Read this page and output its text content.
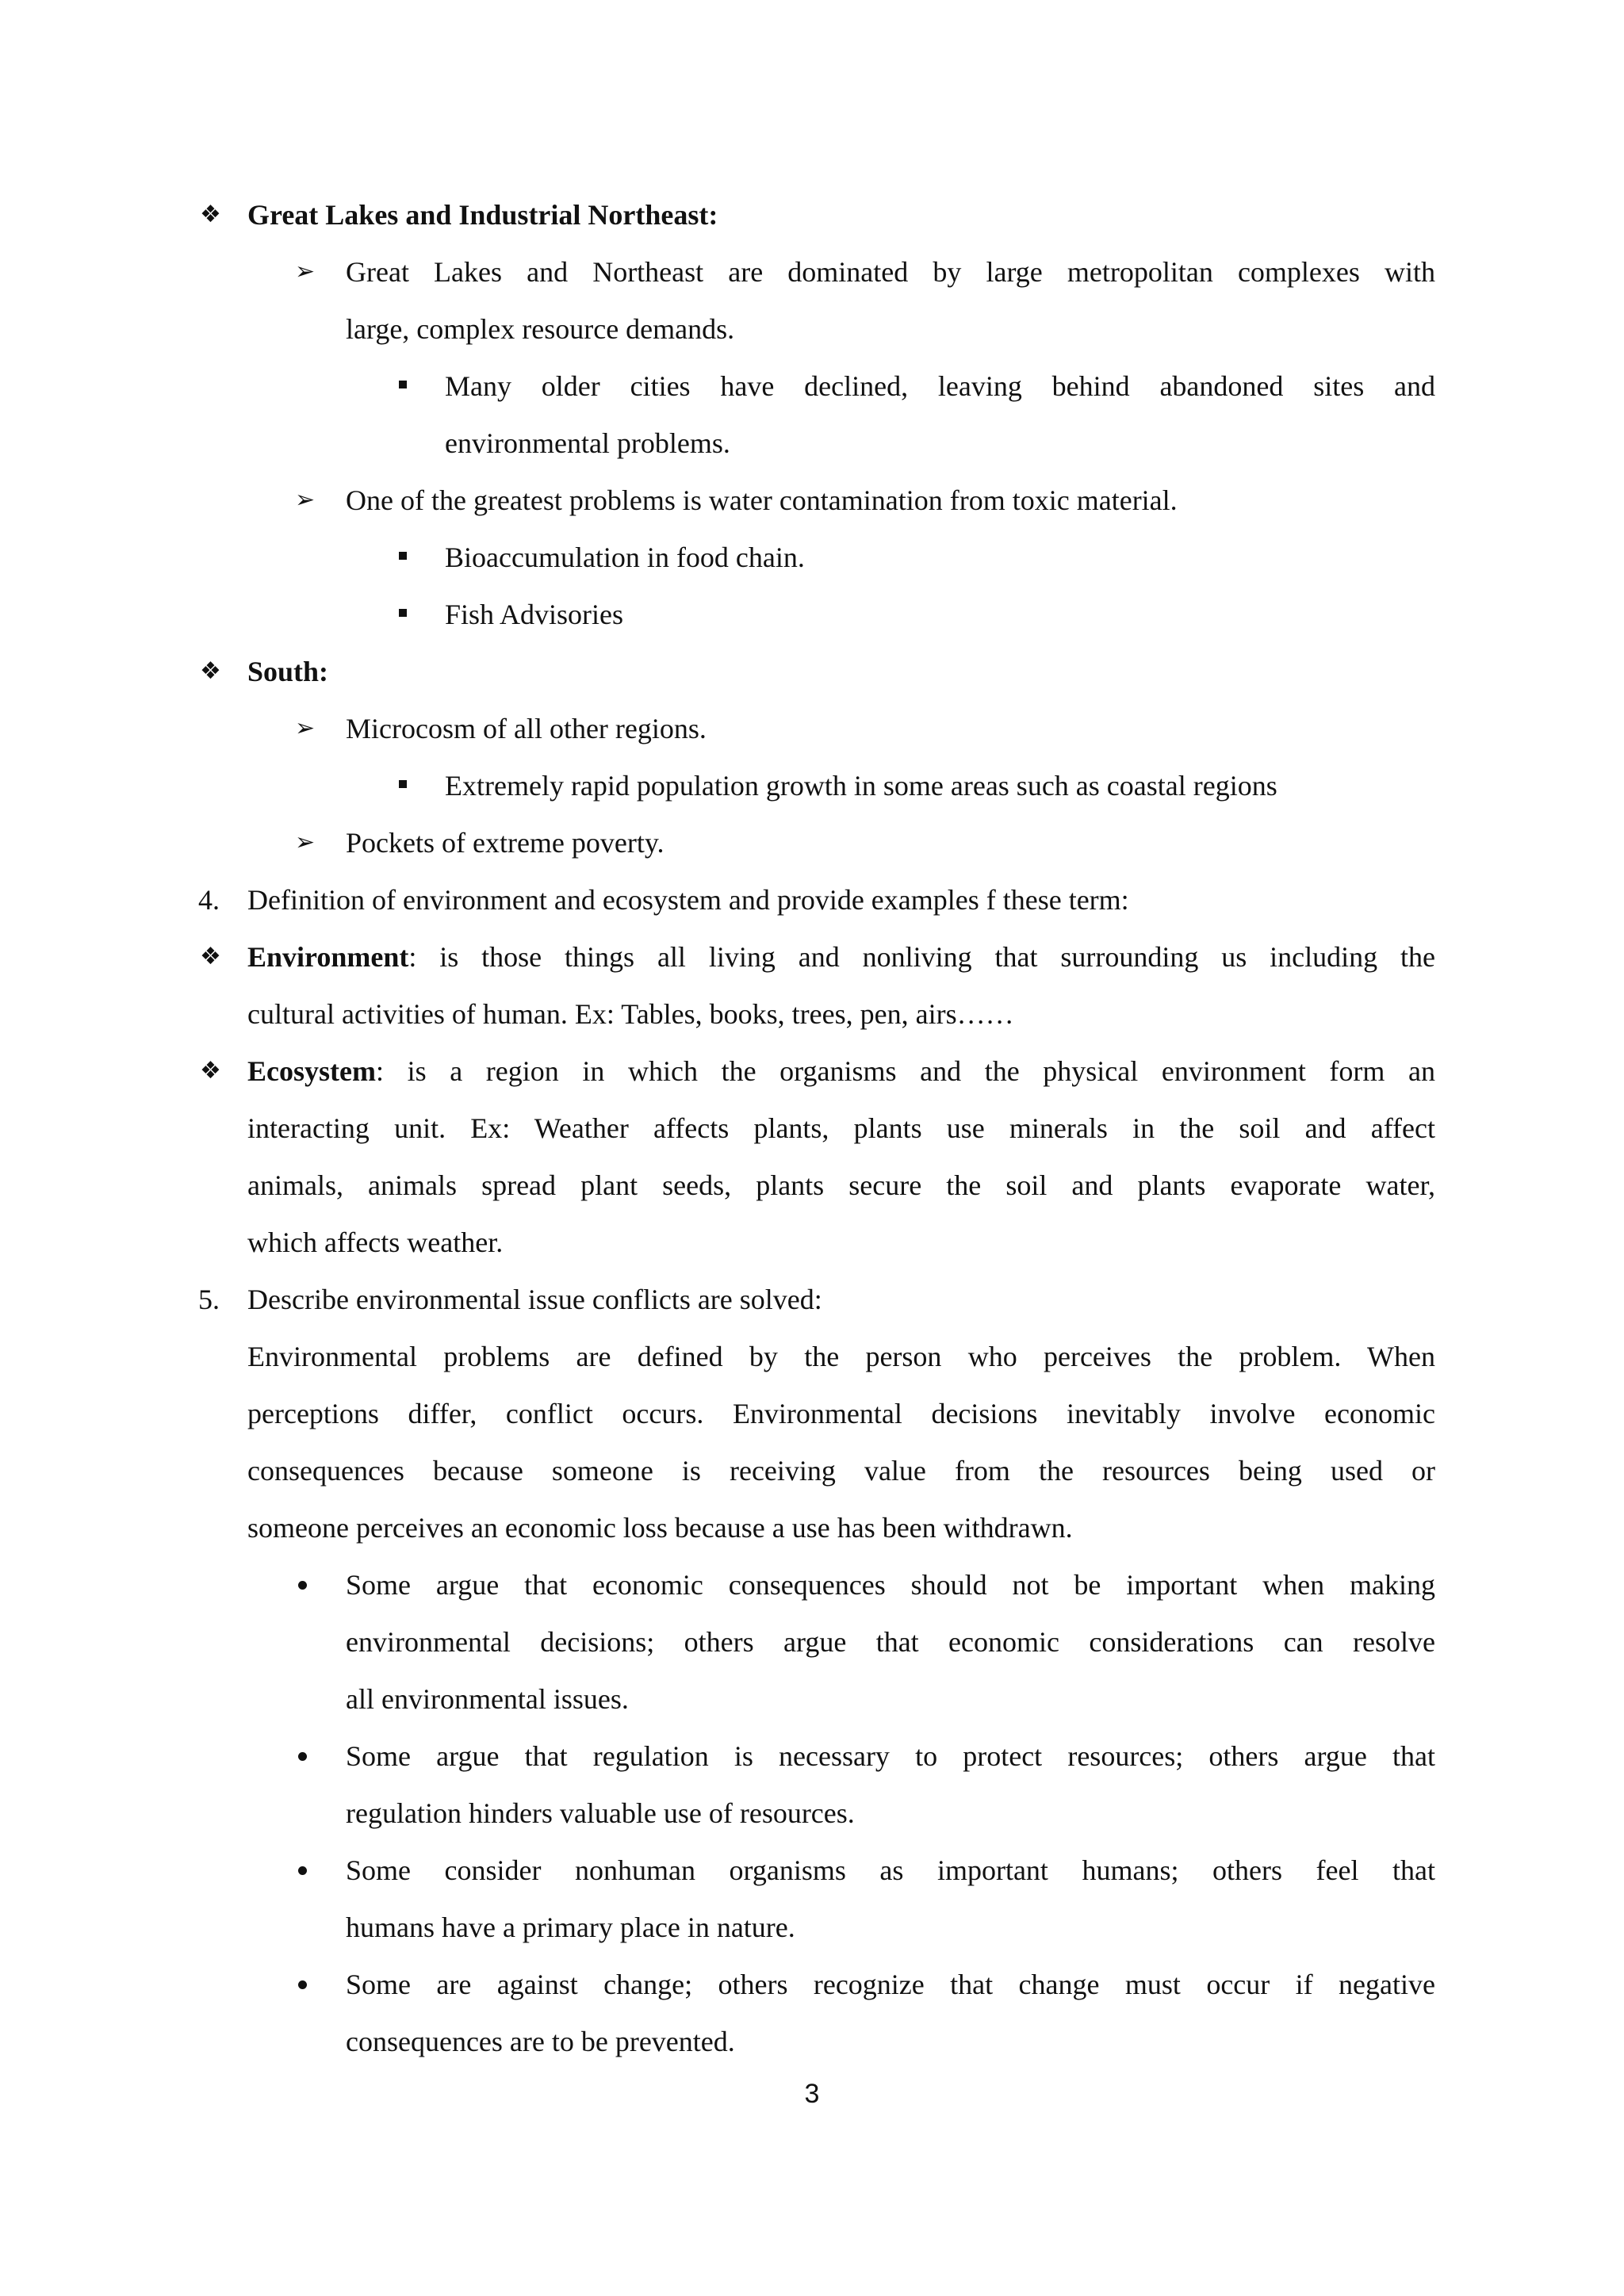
❖ Great Lakes and Industrial Northeast:
➢ Great Lakes and Northeast are dominated by large metropolitan complexes with
large, complex resource demands.
Many older cities have declined, leaving behind abandoned sites and
environmental problems.
➢ One of the greatest problems is water contamination from toxic material.
Bioaccumulation in food chain.
Fish Advisories
❖ South:
➢ Microcosm of all other regions.
Extremely rapid population growth in some areas such as coastal regions
➢ Pockets of extreme poverty.
4. Definition of environment and ecosystem and provide examples f these term:
❖ Environment: is those things all living and nonliving that surrounding us including the
cultural activities of human. Ex: Tables, books, trees, pen, airs……
❖ Ecosystem: is a region in which the organisms and the physical environment form an
interacting unit. Ex: Weather affects plants, plants use minerals in the soil and affect
animals, animals spread plant seeds, plants secure the soil and plants evaporate water,
which affects weather.
5. Describe environmental issue conflicts are solved:
Environmental problems are defined by the person who perceives the problem. When
perceptions differ, conflict occurs. Environmental decisions inevitably involve economic
consequences because someone is receiving value from the resources being used or
someone perceives an economic loss because a use has been withdrawn.
Some argue that economic consequences should not be important when making
environmental decisions; others argue that economic considerations can resolve
all environmental issues.
Some argue that regulation is necessary to protect resources; others argue that
regulation hinders valuable use of resources.
Some consider nonhuman organisms as important humans; others feel that
humans have a primary place in nature.
Some are against change; others recognize that change must occur if negative
consequences are to be prevented.
3
